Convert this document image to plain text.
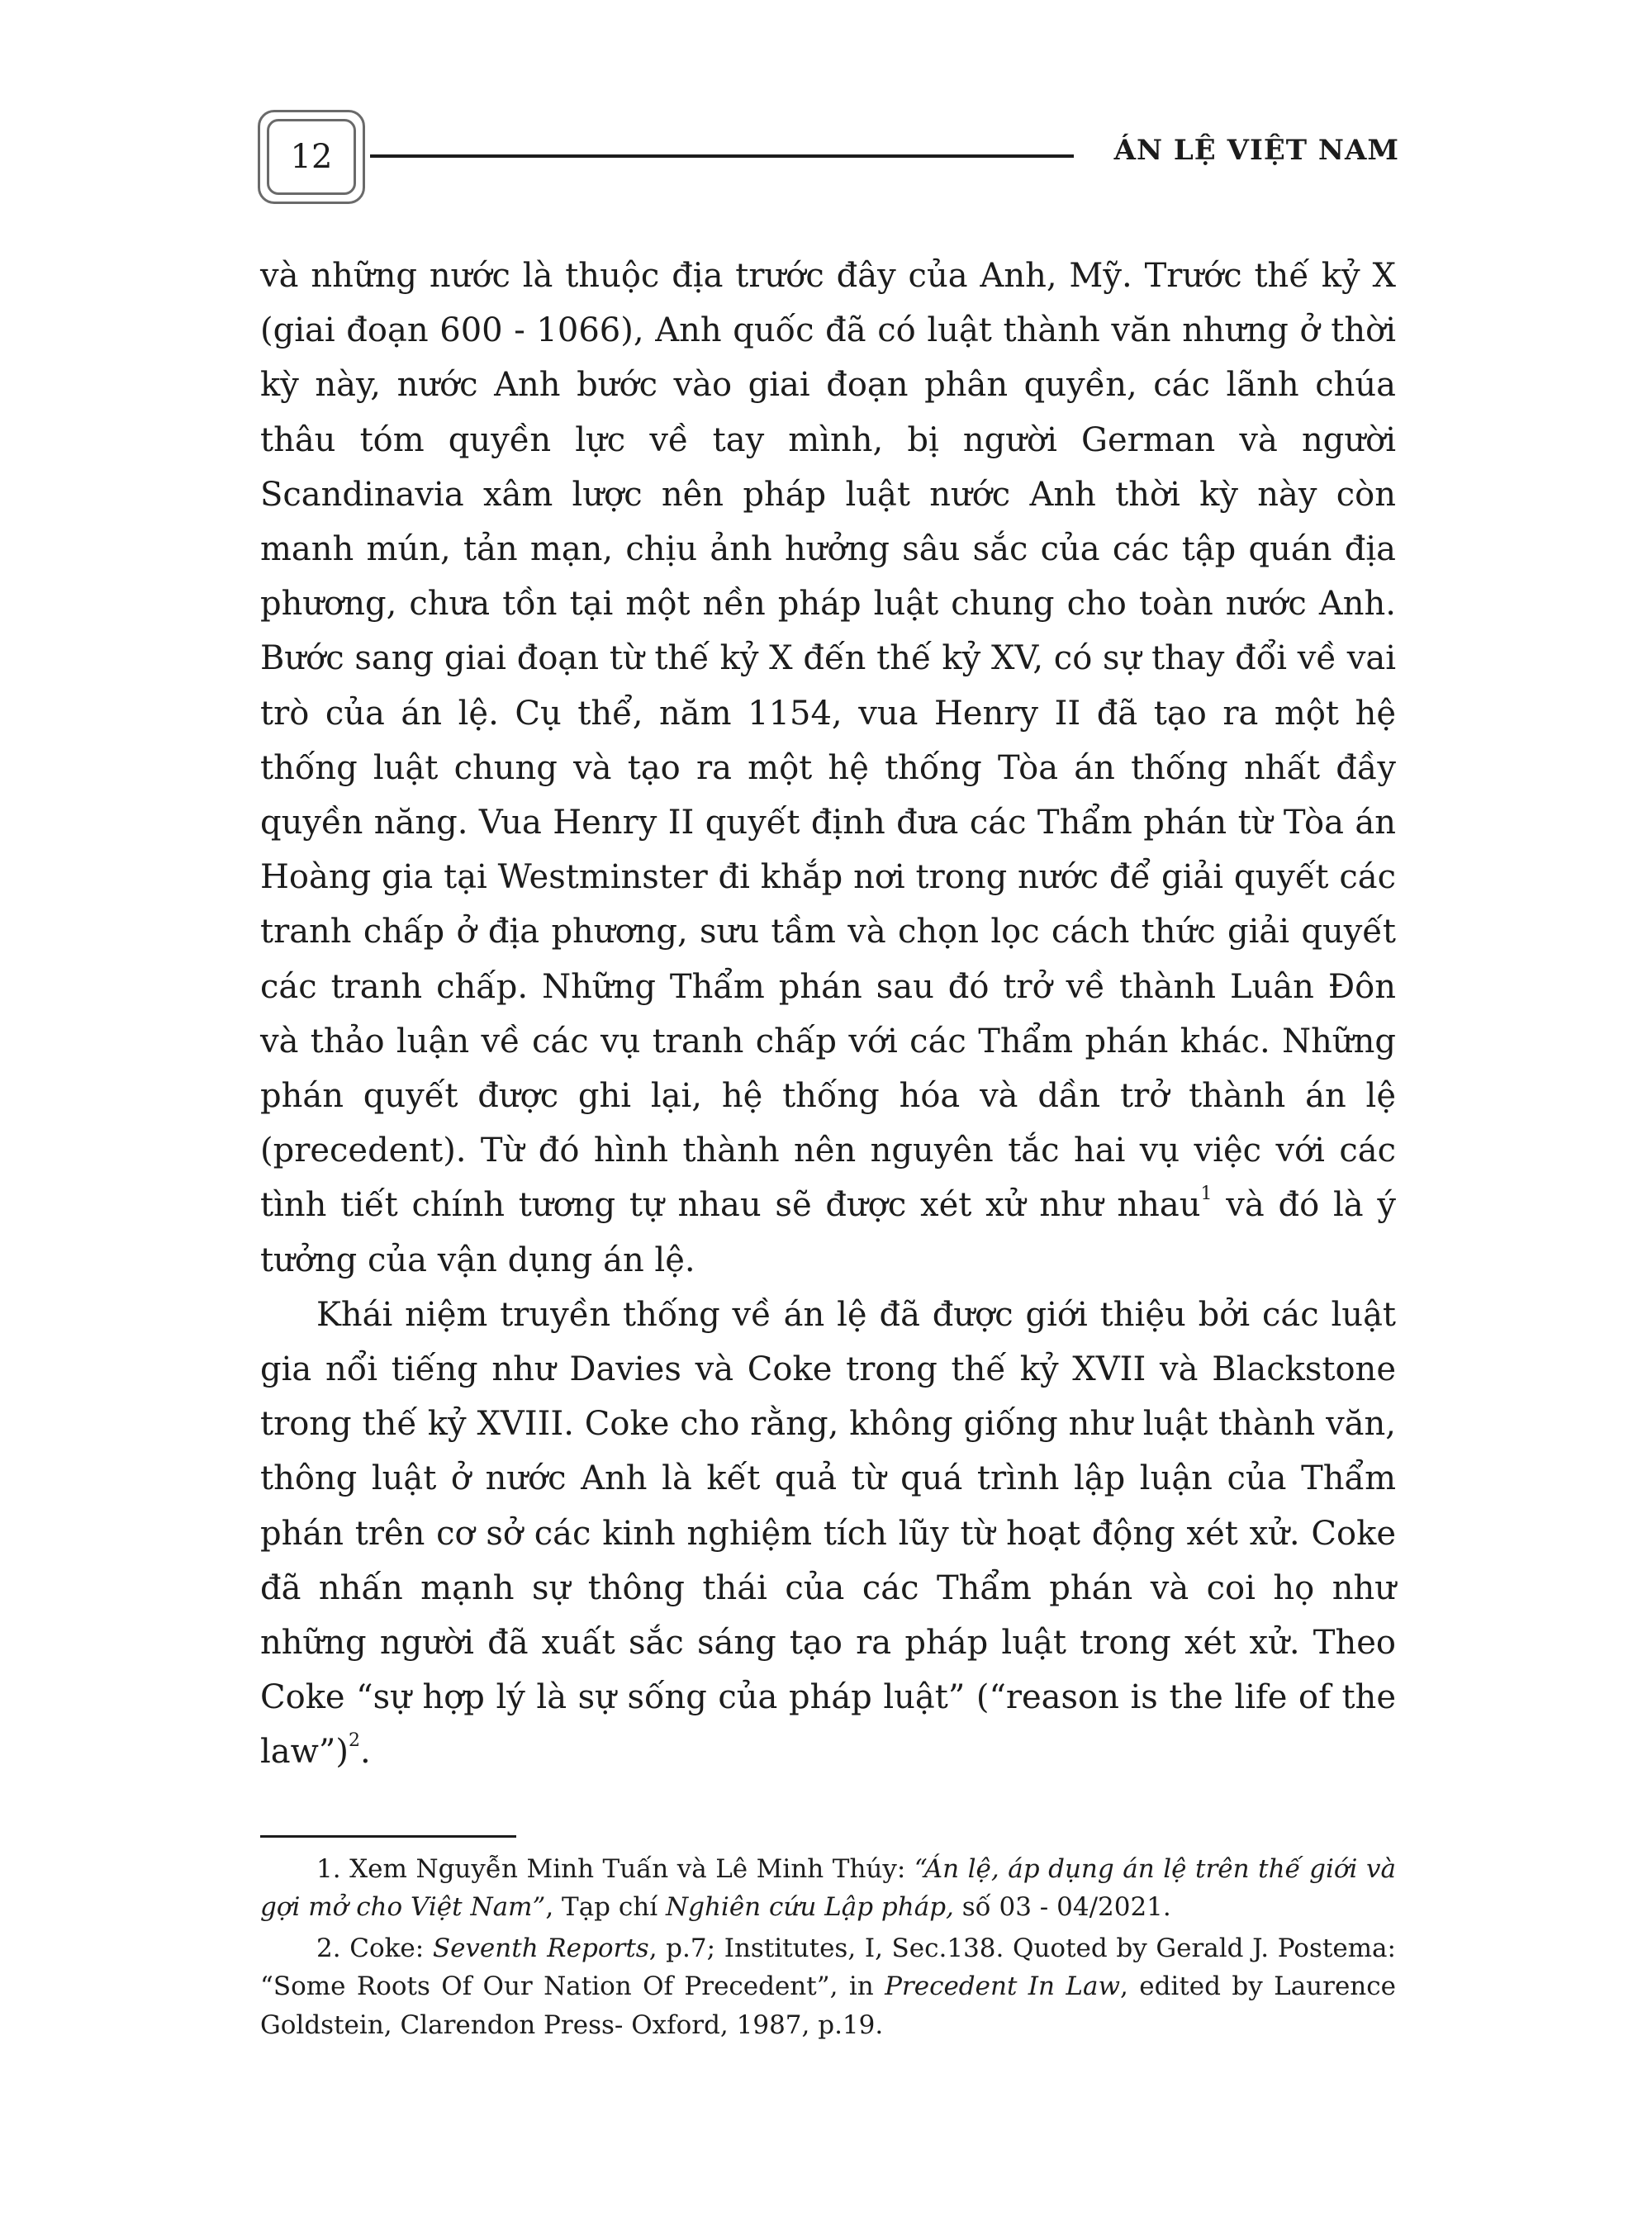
12	ÁN LỆ VIỆT NAM

và những nước là thuộc địa trước đây của Anh, Mỹ. Trước thế kỷ X (giai đoạn 600 - 1066), Anh quốc đã có luật thành văn nhưng ở thời kỳ này, nước Anh bước vào giai đoạn phân quyền, các lãnh chúa thâu tóm quyền lực về tay mình, bị người German và người Scandinavia xâm lược nên pháp luật nước Anh thời kỳ này còn manh mún, tản mạn, chịu ảnh hưởng sâu sắc của các tập quán địa phương, chưa tồn tại một nền pháp luật chung cho toàn nước Anh. Bước sang giai đoạn từ thế kỷ X đến thế kỷ XV, có sự thay đổi về vai trò của án lệ. Cụ thể, năm 1154, vua Henry II đã tạo ra một hệ thống luật chung và tạo ra một hệ thống Tòa án thống nhất đầy quyền năng. Vua Henry II quyết định đưa các Thẩm phán từ Tòa án Hoàng gia tại Westminster đi khắp nơi trong nước để giải quyết các tranh chấp ở địa phương, sưu tầm và chọn lọc cách thức giải quyết các tranh chấp. Những Thẩm phán sau đó trở về thành Luân Đôn và thảo luận về các vụ tranh chấp với các Thẩm phán khác. Những phán quyết được ghi lại, hệ thống hóa và dần trở thành án lệ (precedent). Từ đó hình thành nên nguyên tắc hai vụ việc với các tình tiết chính tương tự nhau sẽ được xét xử như nhau$^1$ và đó là ý tưởng của vận dụng án lệ.

Khái niệm truyền thống về án lệ đã được giới thiệu bởi các luật gia nổi tiếng như Davies và Coke trong thế kỷ XVII và Blackstone trong thế kỷ XVIII. Coke cho rằng, không giống như luật thành văn, thông luật ở nước Anh là kết quả từ quá trình lập luận của Thẩm phán trên cơ sở các kinh nghiệm tích lũy từ hoạt động xét xử. Coke đã nhấn mạnh sự thông thái của các Thẩm phán và coi họ như những người đã xuất sắc sáng tạo ra pháp luật trong xét xử. Theo Coke “sự hợp lý là sự sống của pháp luật” (“reason is the life of the law”)$^2$.

1. Xem Nguyễn Minh Tuấn và Lê Minh Thúy: “Án lệ, áp dụng án lệ trên thế giới và gợi mở cho Việt Nam”, Tạp chí Nghiên cứu Lập pháp, số 03 - 04/2021.

2. Coke: Seventh Reports, p.7; Institutes, I, Sec.138. Quoted by Gerald J. Postema: “Some Roots Of Our Nation Of Precedent”, in Precedent In Law, edited by Laurence Goldstein, Clarendon Press- Oxford, 1987, p.19.
